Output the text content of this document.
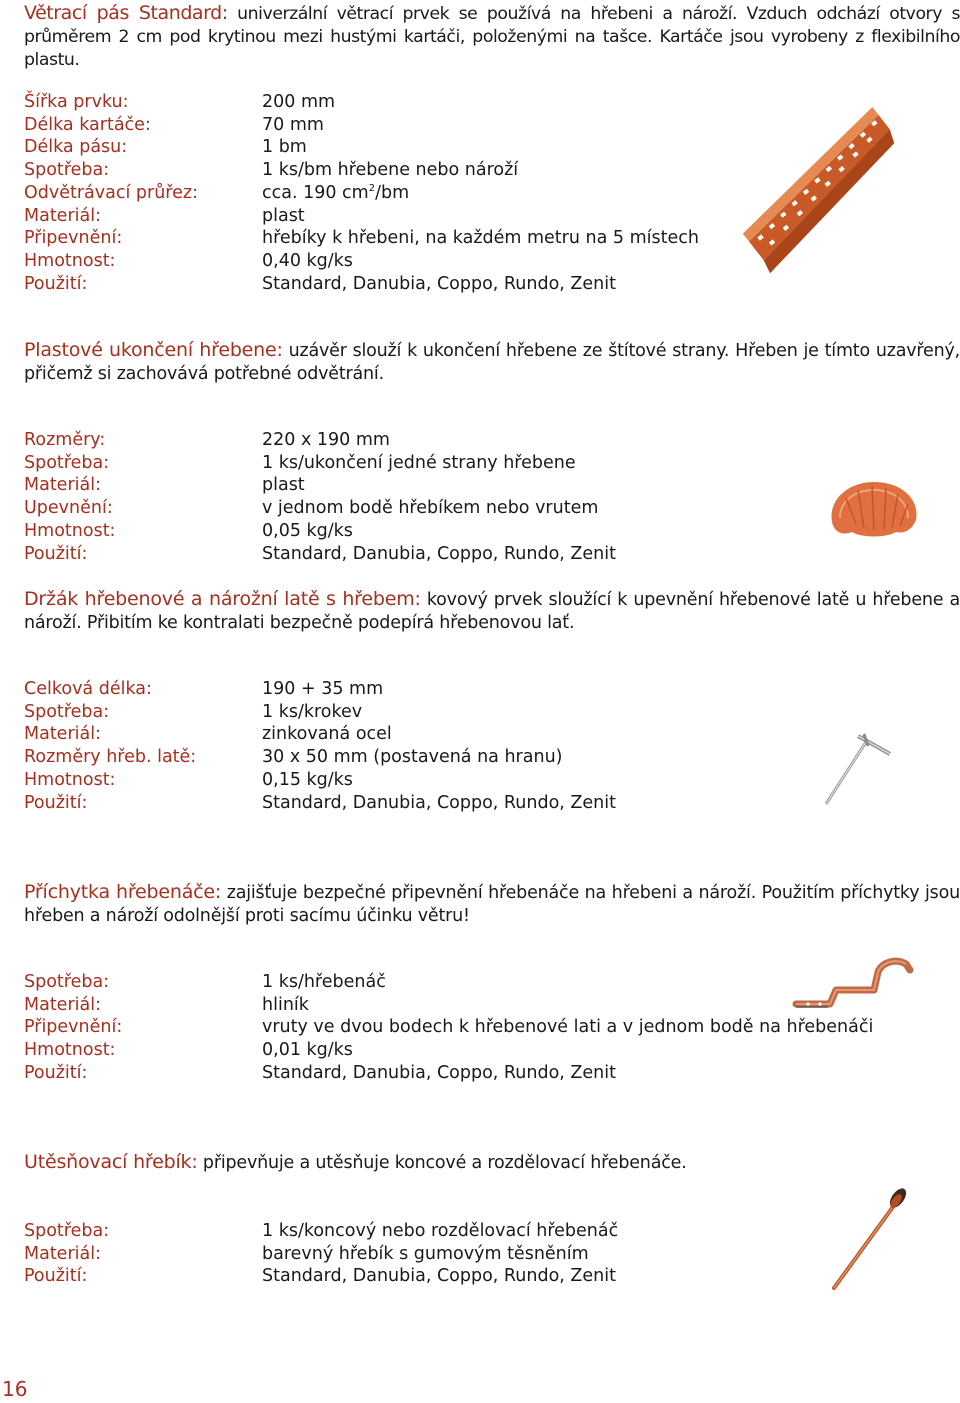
Větrací pás Standard: univerzální větrací prvek se používá na hřebeni a nároží. Vzduch odchází otvory s průměrem 2 cm pod krytinou mezi hustými kartáči, položenými na tašce. Kartáče jsou vyrobeny z flexibilního plastu.
Šířka prvku:	200 mm
Délka kartáče:	70 mm
Délka pásu:	1 bm
Spotřeba:	1 ks/bm hřebene nebo nároží
Odvětrávací průřez:	cca. 190 $cm^2/bm$
Materiál:	plast
Připevnění:	hřebíky k hřebeni, na každém metru na 5 místech
Hmotnost:	0,40 kg/ks
Použití:	Standard, Danubia, Coppo, Rundo, Zenit
Plastové ukončení hřebene: uzávěr slouží k ukončení hřebene ze štítové strany. Hřeben je tímto uzavřený, přičemž si zachovává potřebné odvětrání.
Rozměry:	220 x 190 mm
Spotřeba:	1 ks/ukončení jedné strany hřebene
Materiál:	plast
Upevnění:	v jednom bodě hřebíkem nebo vrutem
Hmotnost:	0,05 kg/ks
Použití:	Standard, Danubia, Coppo, Rundo, Zenit
Držák hřebenové a nárožní latě s hřebem: kovový prvek sloužící k upevnění hřebenové latě u hřebene a nároží. Přibitím ke kontralati bezpečně podepírá hřebenovou lať.
Celková délka:	190 + 35 mm
Spotřeba:	1 ks/krokev
Materiál:	zinkovaná ocel
Rozměry hřeb. latě:	30 x 50 mm (postavená na hranu)
Hmotnost:	0,15 kg/ks
Použití:	Standard, Danubia, Coppo, Rundo, Zenit
Příchytka hřebenáče: zajišťuje bezpečné připevnění hřebenáče na hřebeni a nároží. Použitím příchytky jsou hřeben a nároží odolnější proti sacímu účinku větru!
Spotřeba:	1 ks/hřebenáč
Materiál:	hliník
Připevnění:	vruty ve dvou bodech k hřebenové lati a v jednom bodě na hřebenáči
Hmotnost:	0,01 kg/ks
Použití:	Standard, Danubia, Coppo, Rundo, Zenit
Utěsňovací hřebík: připevňuje a utěsňuje koncové a rozdělovací hřebenáče.
Spotřeba:	1 ks/koncový nebo rozdělovací hřebenáč
Materiál:	barevný hřebík s gumovým těsněním
Použití:	Standard, Danubia, Coppo, Rundo, Zenit
16
